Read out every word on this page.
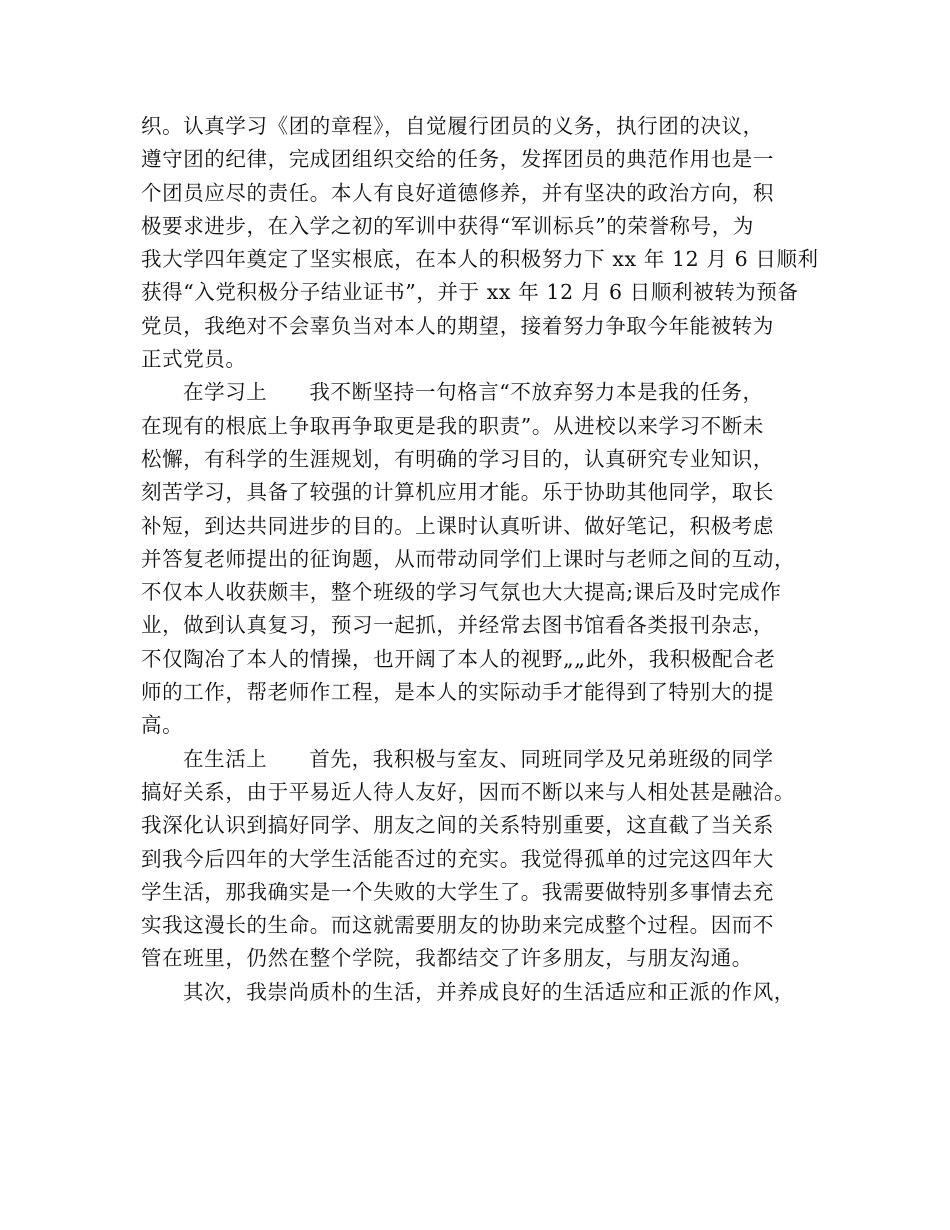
织。认真学习《团的章程》，自觉履行团员的义务，执行团的决议，
遵守团的纪律，完成团组织交给的任务，发挥团员的典范作用也是一
个团员应尽的责任。本人有良好道德修养，并有坚决的政治方向，积
极要求进步，在入学之初的军训中获得“军训标兵”的荣誉称号，为
我大学四年奠定了坚实根底，在本人的积极努力下 xx 年 12 月 6 日顺利
获得“入党积极分子结业证书”，并于 xx 年 12 月 6 日顺利被转为预备
党员，我绝对不会辜负当对本人的期望，接着努力争取今年能被转为
正式党员。
在学习上 我不断坚持一句格言“不放弃努力本是我的任务，
在现有的根底上争取再争取更是我的职责”。从进校以来学习不断未
松懈，有科学的生涯规划，有明确的学习目的，认真研究专业知识，
刻苦学习，具备了较强的计算机应用才能。乐于协助其他同学，取长
补短，到达共同进步的目的。上课时认真听讲、做好笔记，积极考虑
并答复老师提出的征询题，从而带动同学们上课时与老师之间的互动，
不仅本人收获颇丰，整个班级的学习气氛也大大提高;课后及时完成作
业，做到认真复习，预习一起抓，并经常去图书馆看各类报刊杂志，
不仅陶冶了本人的情操，也开阔了本人的视野„„此外，我积极配合老
师的工作，帮老师作工程，是本人的实际动手才能得到了特别大的提
高。
在生活上 首先，我积极与室友、同班同学及兄弟班级的同学
搞好关系，由于平易近人待人友好，因而不断以来与人相处甚是融洽。
我深化认识到搞好同学、朋友之间的关系特别重要，这直截了当关系
到我今后四年的大学生活能否过的充实。我觉得孤单的过完这四年大
学生活，那我确实是一个失败的大学生了。我需要做特别多事情去充
实我这漫长的生命。而这就需要朋友的协助来完成整个过程。因而不
管在班里，仍然在整个学院，我都结交了许多朋友，与朋友沟通。
其次，我崇尚质朴的生活，并养成良好的生活适应和正派的作风，
